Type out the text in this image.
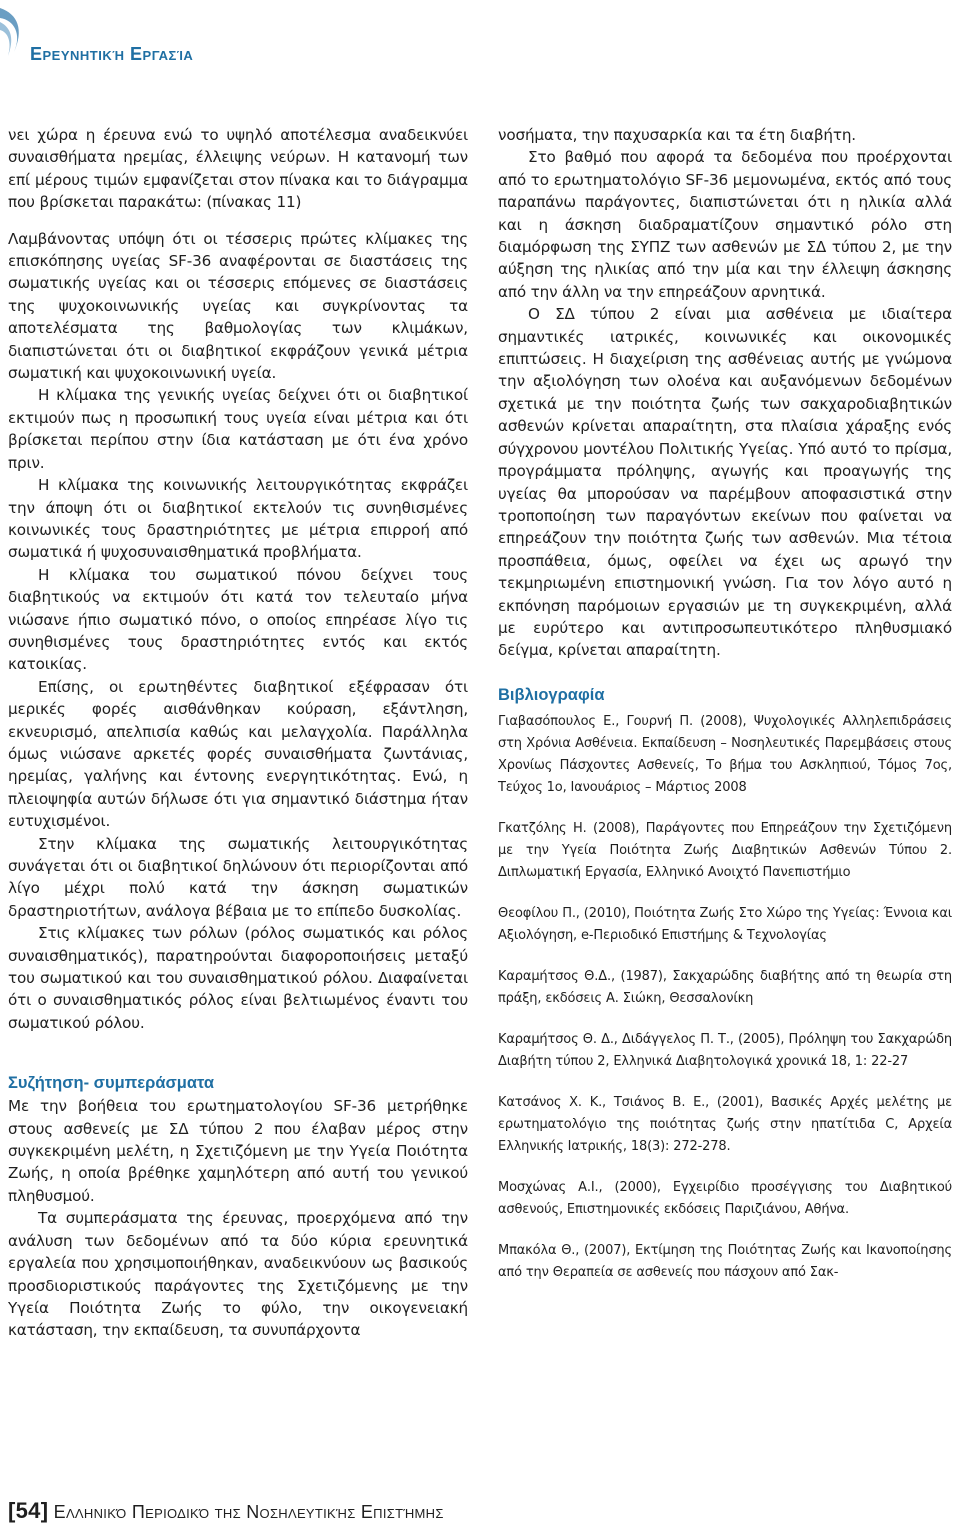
Ερευνητική Εργασία

νει χώρα η έρευνα ενώ το υψηλό αποτέλεσμα αναδεικνύει συναισθήματα ηρεμίας, έλλειψης νεύρων. Η κατανομή των επί μέρους τιμών εμφανίζεται στον πίνακα και το διάγραμμα που βρίσκεται παρακάτω: (πίνακας 11)

Λαμβάνοντας υπόψη ότι οι τέσσερις πρώτες κλίμακες της επισκόπησης υγείας SF-36 αναφέρονται σε διαστάσεις της σωματικής υγείας και οι τέσσερις επόμενες σε διαστάσεις της ψυχοκοινωνικής υγείας και συγκρίνοντας τα αποτελέσματα της βαθμολογίας των κλιμάκων, διαπιστώνεται ότι οι διαβητικοί εκφράζουν γενικά μέτρια σωματική και ψυχοκοινωνική υγεία.

Η κλίμακα της γενικής υγείας δείχνει ότι οι διαβητικοί εκτιμούν πως η προσωπική τους υγεία είναι μέτρια και ότι βρίσκεται περίπου στην ίδια κατάσταση με ότι ένα χρόνο πριν.

Η κλίμακα της κοινωνικής λειτουργικότητας εκφράζει την άποψη ότι οι διαβητικοί εκτελούν τις συνηθισμένες κοινωνικές τους δραστηριότητες με μέτρια επιρροή από σωματικά ή ψυχοσυναισθηματικά προβλήματα.

Η κλίμακα του σωματικού πόνου δείχνει τους διαβητικούς να εκτιμούν ότι κατά τον τελευταίο μήνα νιώσανε ήπιο σωματικό πόνο, ο οποίος επηρέασε λίγο τις συνηθισμένες τους δραστηριότητες εντός και εκτός κατοικίας.

Επίσης, οι ερωτηθέντες διαβητικοί εξέφρασαν ότι μερικές φορές αισθάνθηκαν κούραση, εξάντληση, εκνευρισμό, απελπισία καθώς και μελαγχολία. Παράλληλα όμως νιώσανε αρκετές φορές συναισθήματα ζωντάνιας, ηρεμίας, γαλήνης και έντονης ενεργητικότητας. Ενώ, η πλειοψηφία αυτών δήλωσε ότι για σημαντικό διάστημα ήταν ευτυχισμένοι.

Στην κλίμακα της σωματικής λειτουργικότητας συνάγεται ότι οι διαβητικοί δηλώνουν ότι περιορίζονται από λίγο μέχρι πολύ κατά την άσκηση σωματικών δραστηριοτήτων, ανάλογα βέβαια με το επίπεδο δυσκολίας.

Στις κλίμακες των ρόλων (ρόλος σωματικός και ρόλος συναισθηματικός), παρατηρούνται διαφοροποιήσεις μεταξύ του σωματικού και του συναισθηματικού ρόλου. Διαφαίνεται ότι ο συναισθηματικός ρόλος είναι βελτιωμένος έναντι του σωματικού ρόλου.

Συζήτηση- συμπεράσματα

Με την βοήθεια του ερωτηματολογίου SF-36 μετρήθηκε στους ασθενείς με ΣΔ τύπου 2 που έλαβαν μέρος στην συγκεκριμένη μελέτη, η Σχετιζόμενη με την Υγεία Ποιότητα Ζωής, η οποία βρέθηκε χαμηλότερη από αυτή του γενικού πληθυσμού.

Τα συμπεράσματα της έρευνας, προερχόμενα από την ανάλυση των δεδομένων από τα δύο κύρια ερευνητικά εργαλεία που χρησιμοποιήθηκαν, αναδεικνύουν ως βασικούς προσδιοριστικούς παράγοντες της Σχετιζόμενης με την Υγεία Ποιότητα Ζωής το φύλο, την οικογενειακή κατάσταση, την εκπαίδευση, τα συνυπάρχοντα

νοσήματα, την παχυσαρκία και τα έτη διαβήτη.

Στο βαθμό που αφορά τα δεδομένα που προέρχονται από το ερωτηματολόγιο SF-36 μεμονωμένα, εκτός από τους παραπάνω παράγοντες, διαπιστώνεται ότι η ηλικία αλλά και η άσκηση διαδραματίζουν σημαντικό ρόλο στη διαμόρφωση της ΣΥΠΖ των ασθενών με ΣΔ τύπου 2, με την αύξηση της ηλικίας από την μία και την έλλειψη άσκησης από την άλλη να την επηρεάζουν αρνητικά.

Ο ΣΔ τύπου 2 είναι μια ασθένεια με ιδιαίτερα σημαντικές ιατρικές, κοινωνικές και οικονομικές επιπτώσεις. Η διαχείριση της ασθένειας αυτής με γνώμονα την αξιολόγηση των ολοένα και αυξανόμενων δεδομένων σχετικά με την ποιότητα ζωής των σακχαροδιαβητικών ασθενών κρίνεται απαραίτητη, στα πλαίσια χάραξης ενός σύγχρονου μοντέλου Πολιτικής Υγείας. Υπό αυτό το πρίσμα, προγράμματα πρόληψης, αγωγής και προαγωγής της υγείας θα μπορούσαν να παρέμβουν αποφασιστικά στην τροποποίηση των παραγόντων εκείνων που φαίνεται να επηρεάζουν την ποιότητα ζωής των ασθενών. Μια τέτοια προσπάθεια, όμως, οφείλει να έχει ως αρωγό την τεκμηριωμένη επιστημονική γνώση. Για τον λόγο αυτό η εκπόνηση παρόμοιων εργασιών με τη συγκεκριμένη, αλλά με ευρύτερο και αντιπροσωπευτικότερο πληθυσμιακό δείγμα, κρίνεται απαραίτητη.

Βιβλιογραφία

Γιαβασόπουλος Ε., Γουρνή Π. (2008), Ψυχολογικές Αλληλεπιδράσεις στη Χρόνια Ασθένεια. Εκπαίδευση – Νοσηλευτικές Παρεμβάσεις στους Χρονίως Πάσχοντες Ασθενείς, Το βήμα του Ασκληπιού, Τόμος 7ος, Τεύχος 1ο, Ιανουάριος – Μάρτιος 2008

Γκατζόλης Η. (2008), Παράγοντες που Επηρεάζουν την Σχετιζόμενη με την Υγεία Ποιότητα Ζωής Διαβητικών Ασθενών Τύπου 2. Διπλωματική Εργασία, Ελληνικό Ανοιχτό Πανεπιστήμιο

Θεοφίλου Π., (2010), Ποιότητα Ζωής Στο Χώρο της Υγείας: Έννοια και Αξιολόγηση, e-Περιοδικό Επιστήμης & Τεχνολογίας

Καραμήτσος Θ.Δ., (1987), Σακχαρώδης διαβήτης από τη θεωρία στη πράξη, εκδόσεις Α. Σιώκη, Θεσσαλονίκη

Καραμήτσος Θ. Δ., Διδάγγελος Π. Τ., (2005), Πρόληψη του Σακχαρώδη Διαβήτη τύπου 2, Ελληνικά Διαβητολογικά χρονικά 18, 1: 22-27

Κατσάνος Χ. Κ., Τσιάνος Β. Ε., (2001), Βασικές Αρχές μελέτης με ερωτηματολόγιο της ποιότητας ζωής στην ηπατίτιδα C, Αρχεία Ελληνικής Ιατρικής, 18(3): 272-278.

Μοσχώνας Α.Ι., (2000), Εγχειρίδιο προσέγγισης του Διαβητικού ασθενούς, Επιστημονικές εκδόσεις Παριζιάνου, Αθήνα.

Μπακόλα Θ., (2007), Εκτίμηση της Ποιότητας Ζωής και Ικανοποίησης από την Θεραπεία σε ασθενείς που πάσχουν από Σακ-

[54] Ελληνικό Περιοδικό της Νοσηλευτικής Επιστήμης
